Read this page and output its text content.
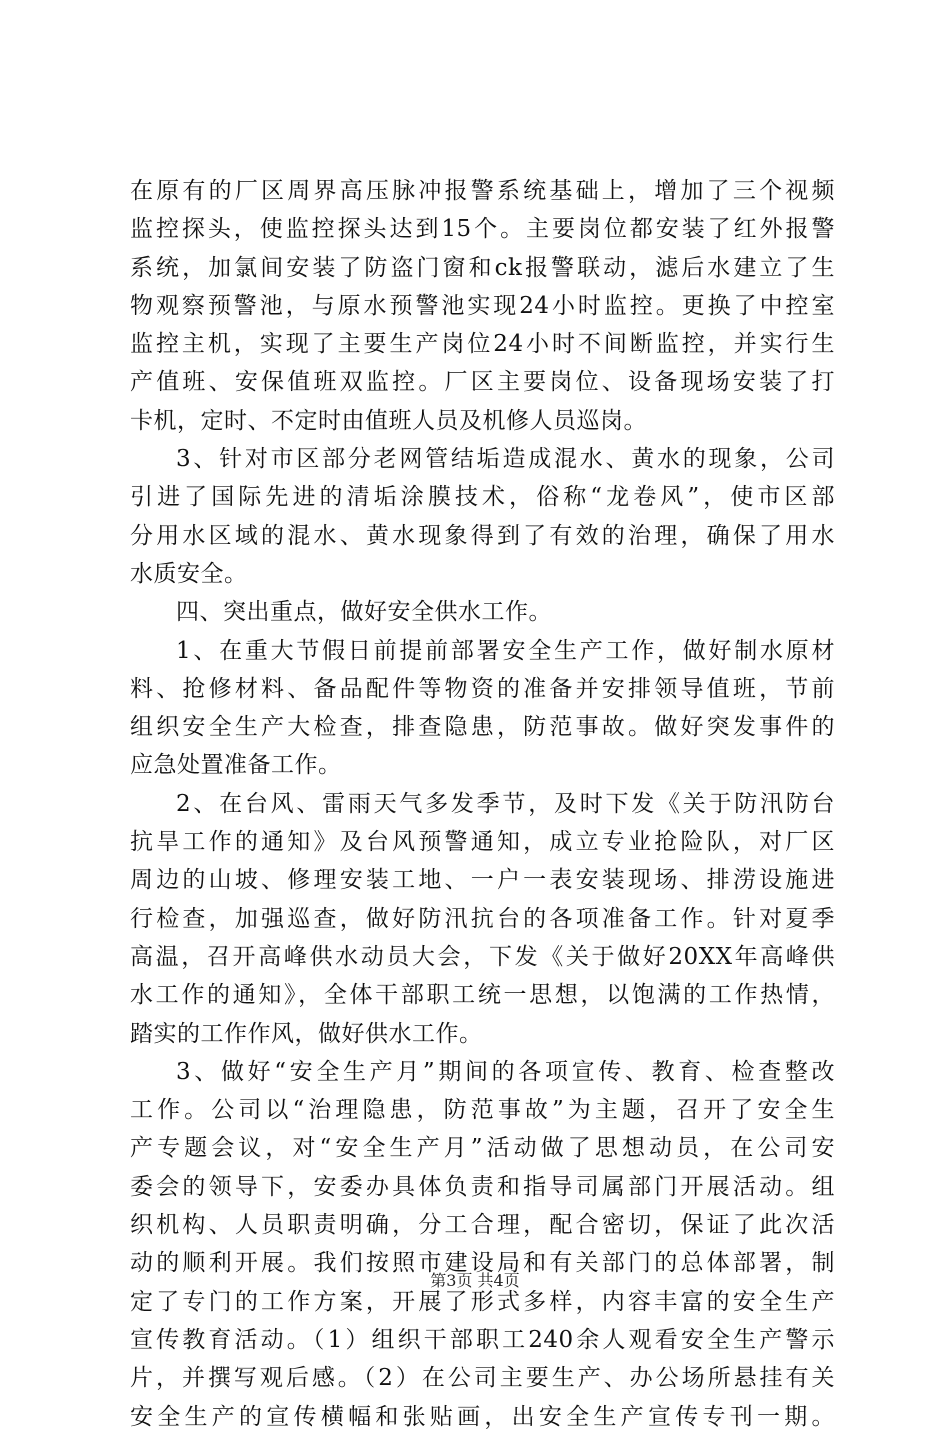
在原有的厂区周界高压脉冲报警系统基础上，增加了三个视频
监控探头，使监控探头达到15个。主要岗位都安装了红外报警
系统，加氯间安装了防盗门窗和ck报警联动，滤后水建立了生
物观察预警池，与原水预警池实现24小时监控。更换了中控室
监控主机，实现了主要生产岗位24小时不间断监控，并实行生
产值班、安保值班双监控。厂区主要岗位、设备现场安装了打
卡机，定时、不定时由值班人员及机修人员巡岗。
3、针对市区部分老网管结垢造成混水、黄水的现象，公司
引进了国际先进的清垢涂膜技术，俗称“龙卷风”，使市区部
分用水区域的混水、黄水现象得到了有效的治理，确保了用水
水质安全。
四、突出重点，做好安全供水工作。
1、在重大节假日前提前部署安全生产工作，做好制水原材
料、抢修材料、备品配件等物资的准备并安排领导值班，节前
组织安全生产大检查，排查隐患，防范事故。做好突发事件的
应急处置准备工作。
2、在台风、雷雨天气多发季节，及时下发《关于防汛防台
抗旱工作的通知》及台风预警通知，成立专业抢险队，对厂区
周边的山坡、修理安装工地、一户一表安装现场、排涝设施进
行检查，加强巡查，做好防汛抗台的各项准备工作。针对夏季
高温，召开高峰供水动员大会，下发《关于做好20XX年高峰供
水工作的通知》，全体干部职工统一思想，以饱满的工作热情，
踏实的工作作风，做好供水工作。
3、做好“安全生产月”期间的各项宣传、教育、检查整改
工作。公司以“治理隐患，防范事故”为主题，召开了安全生
产专题会议，对“安全生产月”活动做了思想动员，在公司安
委会的领导下，安委办具体负责和指导司属部门开展活动。组
织机构、人员职责明确，分工合理，配合密切，保证了此次活
动的顺利开展。我们按照市建设局和有关部门的总体部署，制
定了专门的工作方案，开展了形式多样，内容丰富的安全生产
宣传教育活动。（1）组织干部职工240余人观看安全生产警示
片，并撰写观后感。（2）在公司主要生产、办公场所悬挂有关
安全生产的宣传横幅和张贴画，出安全生产宣传专刊一期。
第3页 共4页
